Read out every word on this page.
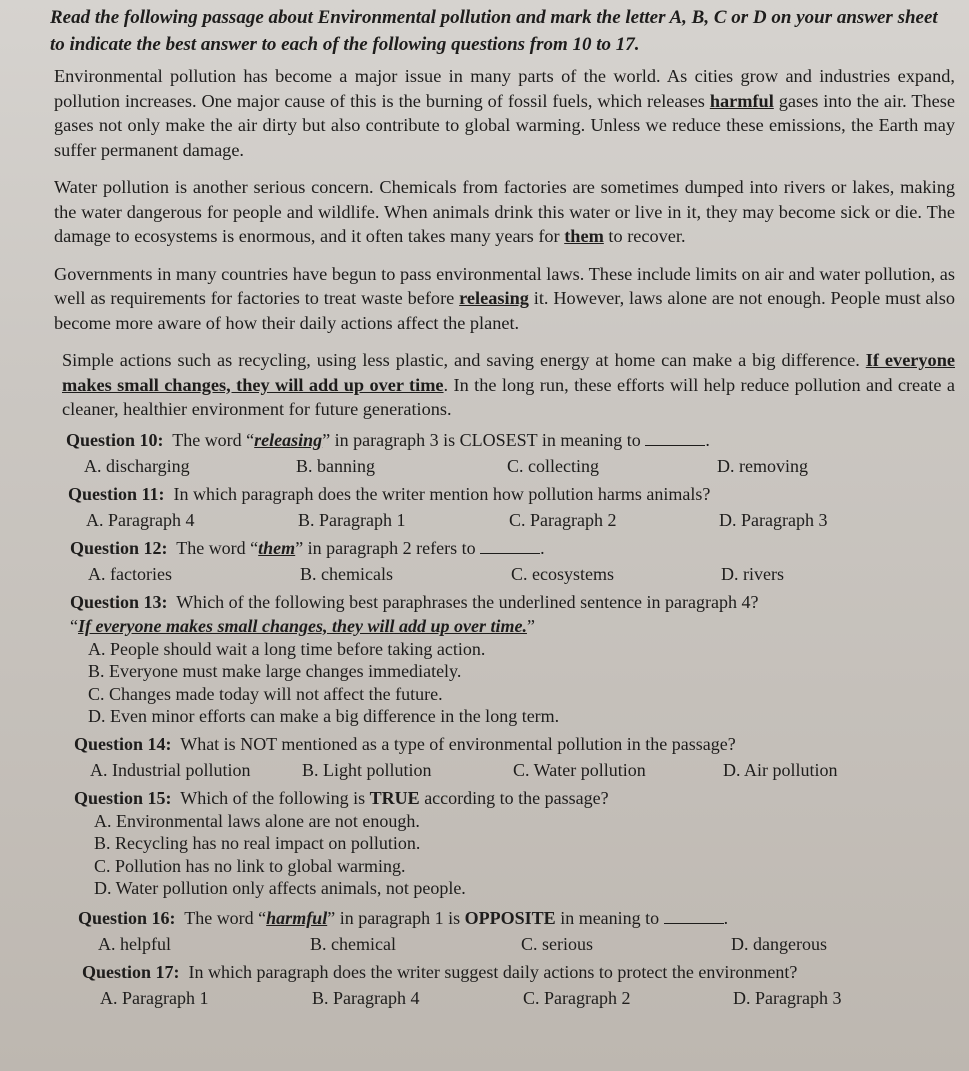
Read the following passage about Environmental pollution and mark the letter A, B, C or D on your answer sheet to indicate the best answer to each of the following questions from 10 to 17.

Environmental pollution has become a major issue in many parts of the world. As cities grow and industries expand, pollution increases. One major cause of this is the burning of fossil fuels, which releases harmful gases into the air. These gases not only make the air dirty but also contribute to global warming. Unless we reduce these emissions, the Earth may suffer permanent damage.

Water pollution is another serious concern. Chemicals from factories are sometimes dumped into rivers or lakes, making the water dangerous for people and wildlife. When animals drink this water or live in it, they may become sick or die. The damage to ecosystems is enormous, and it often takes many years for them to recover.

Governments in many countries have begun to pass environmental laws. These include limits on air and water pollution, as well as requirements for factories to treat waste before releasing it. However, laws alone are not enough. People must also become more aware of how their daily actions affect the planet.

Simple actions such as recycling, using less plastic, and saving energy at home can make a big difference. If everyone makes small changes, they will add up over time. In the long run, these efforts will help reduce pollution and create a cleaner, healthier environment for future generations.

Question 10: The word “releasing” in paragraph 3 is CLOSEST in meaning to	.

A. discharging	B. banning	C. collecting	D. removing

Question 11: In which paragraph does the writer mention how pollution harms animals?

A. Paragraph 4	B. Paragraph 1	C. Paragraph 2	D. Paragraph 3

Question 12: The word “them” in paragraph 2 refers to	.

A. factories	B. chemicals	C. ecosystems	D. rivers

Question 13: Which of the following best paraphrases the underlined sentence in paragraph 4?

“If everyone makes small changes, they will add up over time.”

A. People should wait a long time before taking action.
B. Everyone must make large changes immediately.
C. Changes made today will not affect the future.
D. Even minor efforts can make a big difference in the long term.

Question 14: What is NOT mentioned as a type of environmental pollution in the passage?

A. Industrial pollution	B. Light pollution	C. Water pollution	D. Air pollution

Question 15: Which of the following is TRUE according to the passage?

A. Environmental laws alone are not enough.
B. Recycling has no real impact on pollution.
C. Pollution has no link to global warming.
D. Water pollution only affects animals, not people.

Question 16: The word “harmful” in paragraph 1 is OPPOSITE in meaning to	.

A. helpful	B. chemical	C. serious	D. dangerous

Question 17: In which paragraph does the writer suggest daily actions to protect the environment?

A. Paragraph 1	B. Paragraph 4	C. Paragraph 2	D. Paragraph 3
